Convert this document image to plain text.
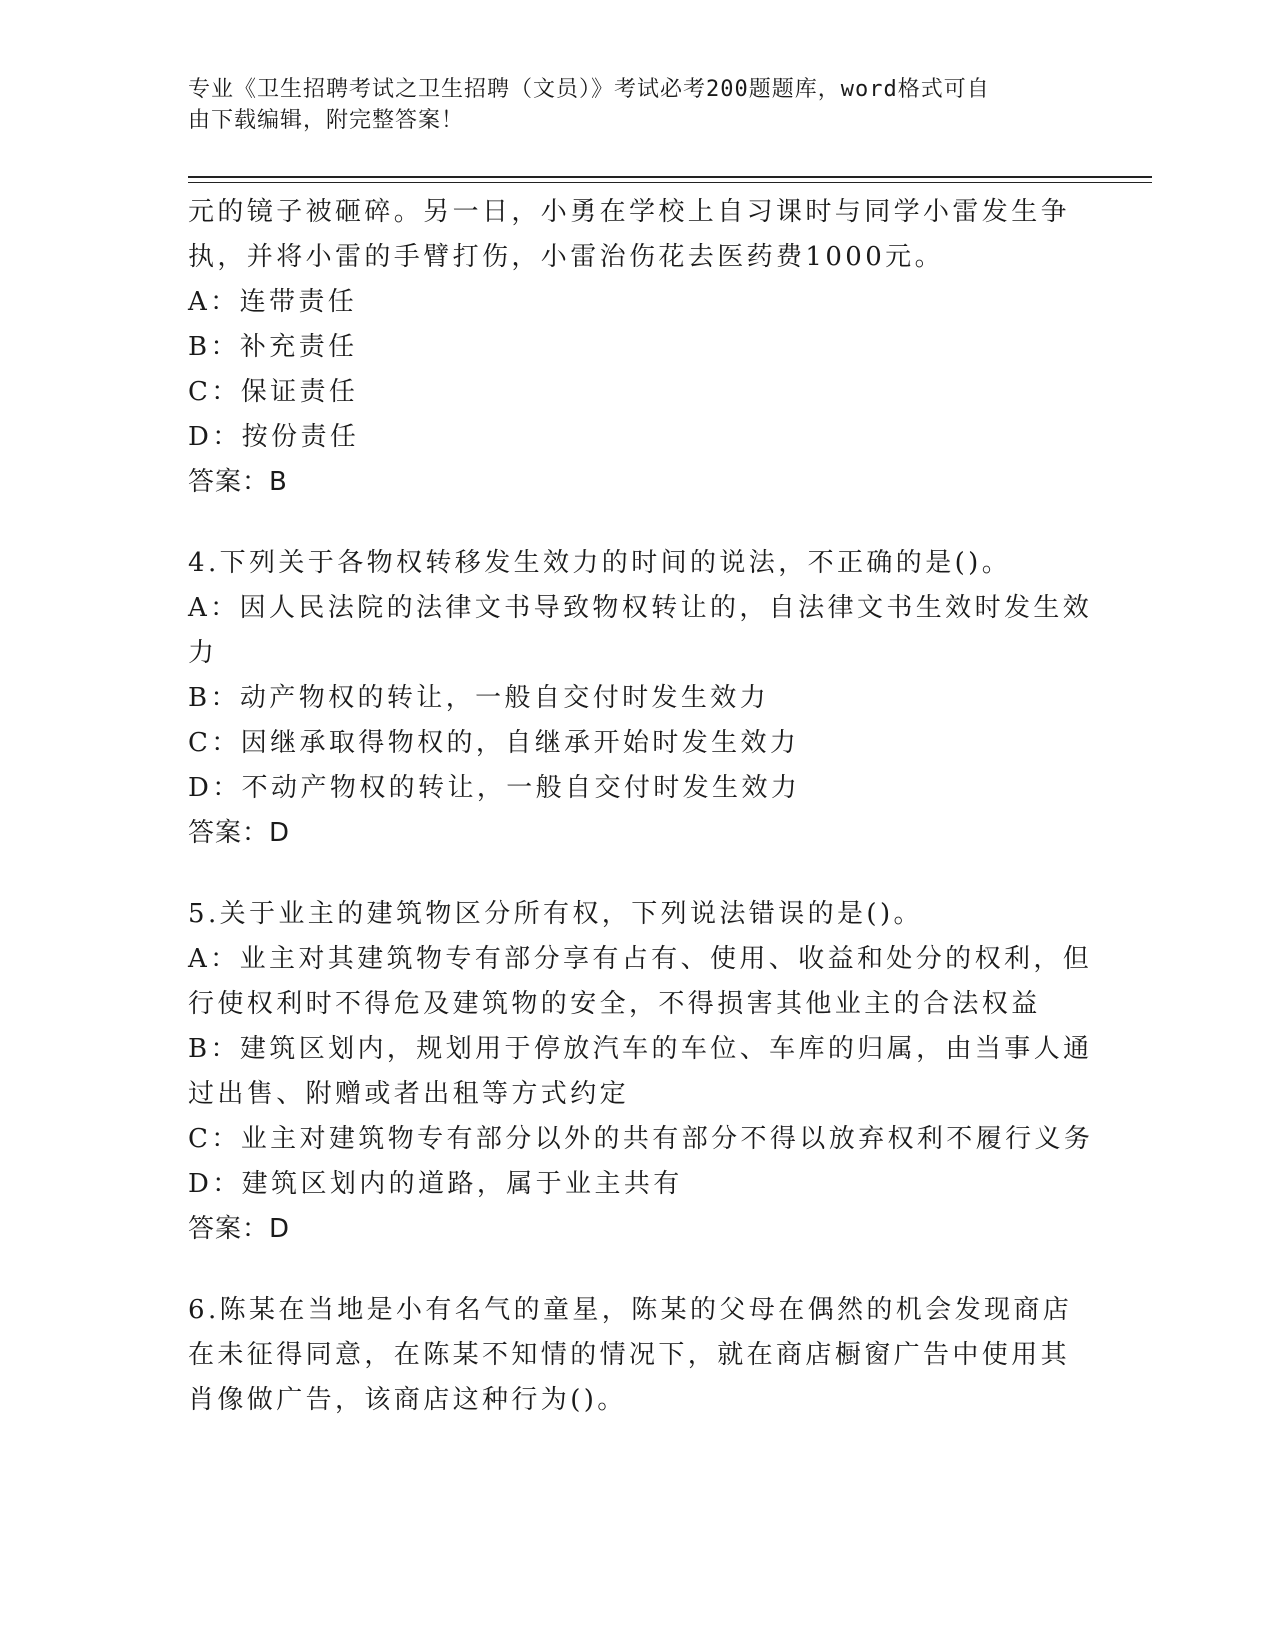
专业《卫生招聘考试之卫生招聘（文员）》考试必考200题题库，word格式可自
由下载编辑，附完整答案！
元的镜子被砸碎。另一日，小勇在学校上自习课时与同学小雷发生争
执，并将小雷的手臂打伤，小雷治伤花去医药费1000元。
A：连带责任
B：补充责任
C：保证责任
D：按份责任
答案：B
4.下列关于各物权转移发生效力的时间的说法，不正确的是()。
A：因人民法院的法律文书导致物权转让的，自法律文书生效时发生效
力
B：动产物权的转让，一般自交付时发生效力
C：因继承取得物权的，自继承开始时发生效力
D：不动产物权的转让，一般自交付时发生效力
答案：D
5.关于业主的建筑物区分所有权，下列说法错误的是()。
A：业主对其建筑物专有部分享有占有、使用、收益和处分的权利，但
行使权利时不得危及建筑物的安全，不得损害其他业主的合法权益
B：建筑区划内，规划用于停放汽车的车位、车库的归属，由当事人通
过出售、附赠或者出租等方式约定
C：业主对建筑物专有部分以外的共有部分不得以放弃权利不履行义务
D：建筑区划内的道路，属于业主共有
答案：D
6.陈某在当地是小有名气的童星，陈某的父母在偶然的机会发现商店
在未征得同意，在陈某不知情的情况下，就在商店橱窗广告中使用其
肖像做广告，该商店这种行为()。
